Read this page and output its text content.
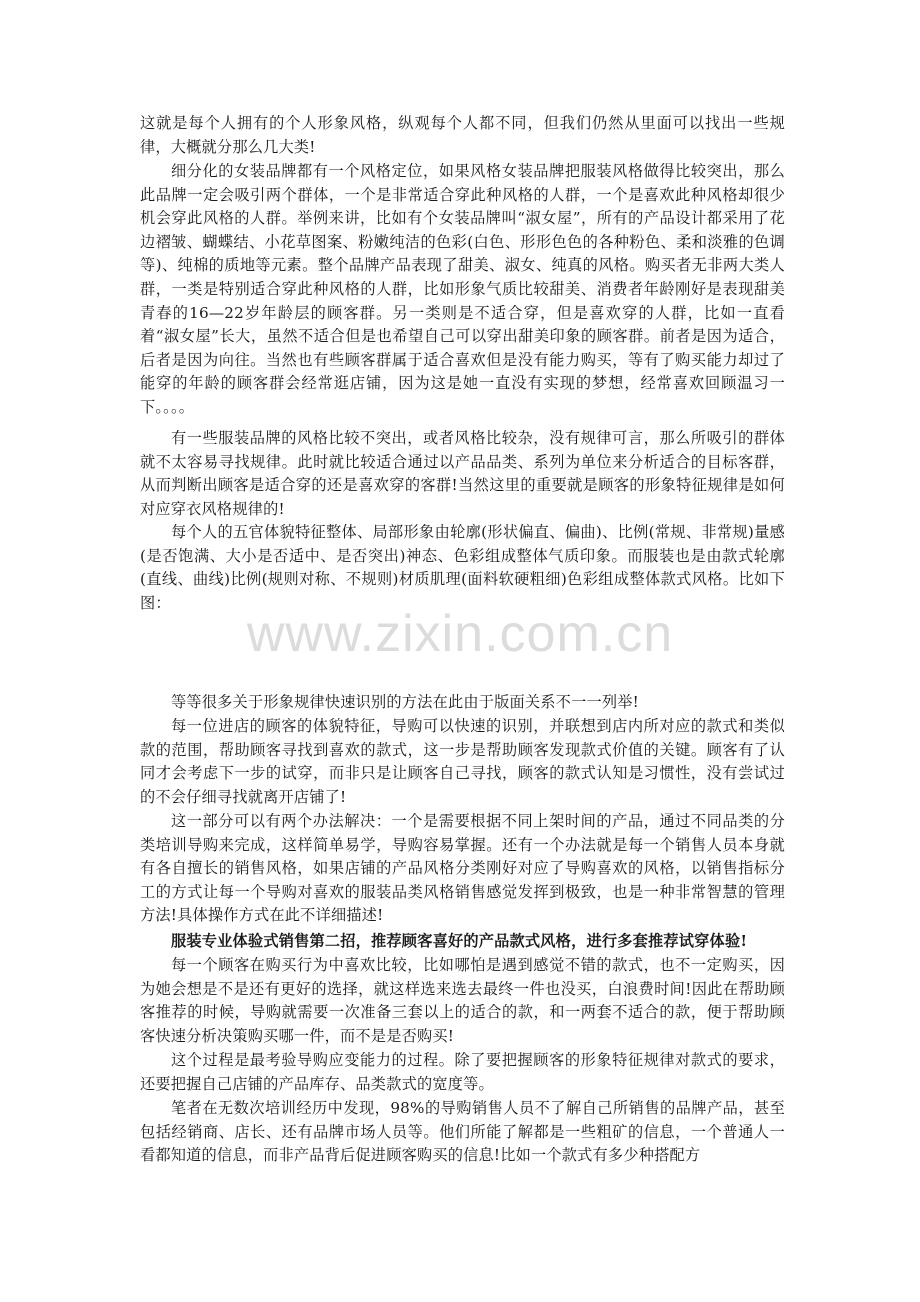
这就是每个人拥有的个人形象风格，纵观每个人都不同，但我们仍然从里面可以找出一些规律，大概就分那么几大类!

细分化的女装品牌都有一个风格定位，如果风格女装品牌把服装风格做得比较突出，那么此品牌一定会吸引两个群体，一个是非常适合穿此种风格的人群，一个是喜欢此种风格却很少机会穿此风格的人群。举例来讲，比如有个女装品牌叫“淑女屋”，所有的产品设计都采用了花边褶皱、蝴蝶结、小花草图案、粉嫩纯洁的色彩(白色、形形色色的各种粉色、柔和淡雅的色调等)、纯棉的质地等元素。整个品牌产品表现了甜美、淑女、纯真的风格。购买者无非两大类人群，一类是特别适合穿此种风格的人群，比如形象气质比较甜美、消费者年龄刚好是表现甜美青春的16—22岁年龄层的顾客群。另一类则是不适合穿，但是喜欢穿的人群，比如一直看着“淑女屋”长大，虽然不适合但是也希望自己可以穿出甜美印象的顾客群。前者是因为适合，后者是因为向往。当然也有些顾客群属于适合喜欢但是没有能力购买，等有了购买能力却过了能穿的年龄的顾客群会经常逛店铺，因为这是她一直没有实现的梦想，经常喜欢回顾温习一下。。。。

有一些服装品牌的风格比较不突出，或者风格比较杂，没有规律可言，那么所吸引的群体就不太容易寻找规律。此时就比较适合通过以产品品类、系列为单位来分析适合的目标客群，从而判断出顾客是适合穿的还是喜欢穿的客群!当然这里的重要就是顾客的形象特征规律是如何对应穿衣风格规律的!

每个人的五官体貌特征整体、局部形象由轮廓(形状偏直、偏曲)、比例(常规、非常规)量感(是否饱满、大小是否适中、是否突出)神态、色彩组成整体气质印象。而服装也是由款式轮廓(直线、曲线)比例(规则对称、不规则)材质肌理(面料软硬粗细)色彩组成整体款式风格。比如下图：

www.zixin.com.cn

等等很多关于形象规律快速识别的方法在此由于版面关系不一一列举!

每一位进店的顾客的体貌特征，导购可以快速的识别，并联想到店内所对应的款式和类似款的范围，帮助顾客寻找到喜欢的款式，这一步是帮助顾客发现款式价值的关键。顾客有了认同才会考虑下一步的试穿，而非只是让顾客自己寻找，顾客的款式认知是习惯性，没有尝试过的不会仔细寻找就离开店铺了!

这一部分可以有两个办法解决：一个是需要根据不同上架时间的产品，通过不同品类的分类培训导购来完成，这样简单易学，导购容易掌握。还有一个办法就是每一个销售人员本身就有各自擅长的销售风格，如果店铺的产品风格分类刚好对应了导购喜欢的风格，以销售指标分工的方式让每一个导购对喜欢的服装品类风格销售感觉发挥到极致，也是一种非常智慧的管理方法!具体操作方式在此不详细描述!

服装专业体验式销售第二招，推荐顾客喜好的产品款式风格，进行多套推荐试穿体验!

每一个顾客在购买行为中喜欢比较，比如哪怕是遇到感觉不错的款式，也不一定购买，因为她会想是不是还有更好的选择，就这样选来选去最终一件也没买，白浪费时间!因此在帮助顾客推荐的时候，导购就需要一次准备三套以上的适合的款，和一两套不适合的款，便于帮助顾客快速分析决策购买哪一件，而不是是否购买!

这个过程是最考验导购应变能力的过程。除了要把握顾客的形象特征规律对款式的要求，还要把握自己店铺的产品库存、品类款式的宽度等。

笔者在无数次培训经历中发现，98%的导购销售人员不了解自己所销售的品牌产品，甚至包括经销商、店长、还有品牌市场人员等。他们所能了解都是一些粗矿的信息，一个普通人一看都知道的信息，而非产品背后促进顾客购买的信息!比如一个款式有多少种搭配方
